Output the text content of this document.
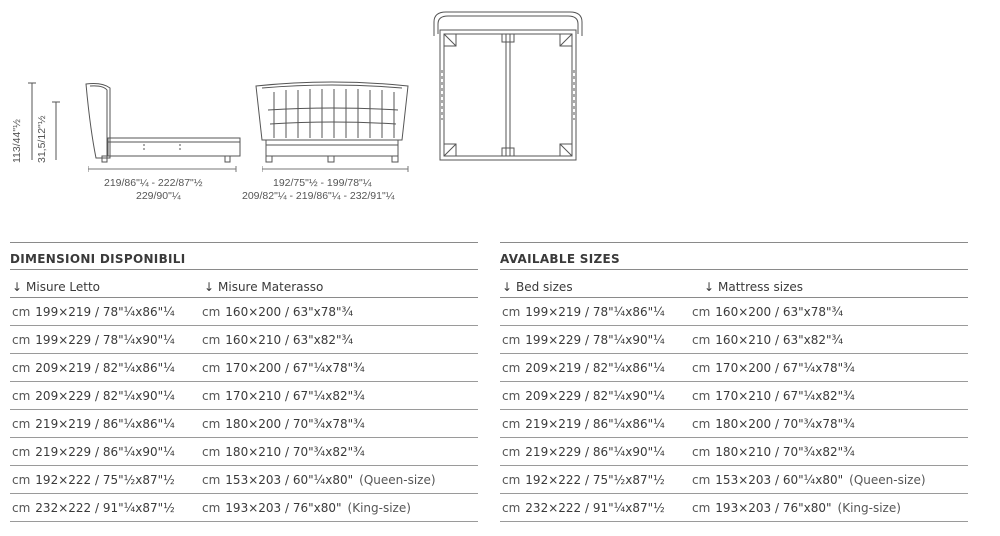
113/44"½ 31,5/12"½
219/86"¼ - 222/87"½
229/90"¼
192/75"½ - 199/78"¼
209/82"¼ - 219/86"¼ - 232/91"¼
DIMENSIONI DISPONIBILI
↓ Misure Letto	↓ Misure Materasso
cm 199×219 / 78"¼x86"¼ cm 160×200 / 63"x78"¾
cm 199×229 / 78"¼x90"¼ cm 160×210 / 63"x82"¾
cm 209×219 / 82"¼x86"¼ cm 170×200 / 67"¼x78"¾
cm 209×229 / 82"¼x90"¼ cm 170×210 / 67"¼x82"¾
cm 219×219 / 86"¼x86"¼ cm 180×200 / 70"¾x78"¾
cm 219×229 / 86"¼x90"¼ cm 180×210 / 70"¾x82"¾
cm 192×222 / 75"½x87"½ cm 153×203 / 60"¼x80" (Queen-size)
cm 232×222 / 91"¼x87"½ cm 193×203 / 76"x80" (King-size)
AVAILABLE SIZES
↓ Bed sizes	↓ Mattress sizes
cm 199×219 / 78"¼x86"¼ cm 160×200 / 63"x78"¾
cm 199×229 / 78"¼x90"¼ cm 160×210 / 63"x82"¾
cm 209×219 / 82"¼x86"¼ cm 170×200 / 67"¼x78"¾
cm 209×229 / 82"¼x90"¼ cm 170×210 / 67"¼x82"¾
cm 219×219 / 86"¼x86"¼ cm 180×200 / 70"¾x78"¾
cm 219×229 / 86"¼x90"¼ cm 180×210 / 70"¾x82"¾
cm 192×222 / 75"½x87"½ cm 153×203 / 60"¼x80" (Queen-size)
cm 232×222 / 91"¼x87"½ cm 193×203 / 76"x80" (King-size)
